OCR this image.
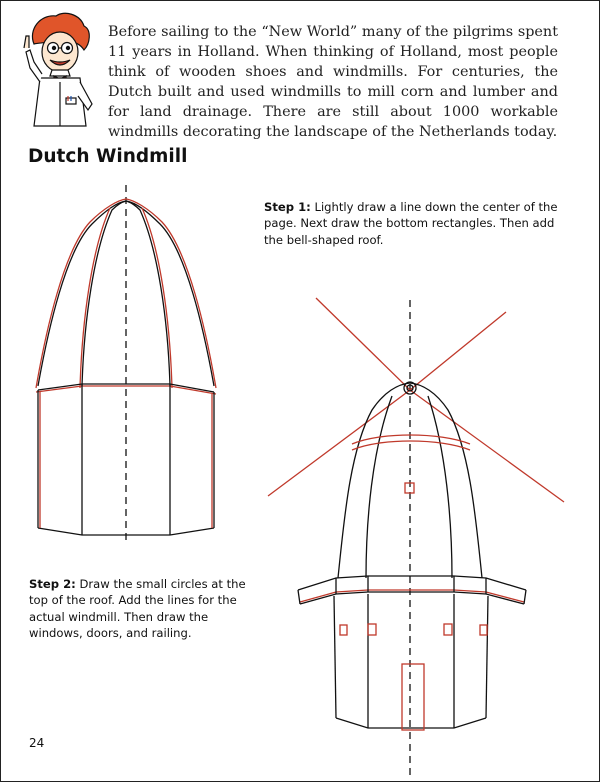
Before sailing to the “New World” many of the pilgrims spent 11 years in Holland. When thinking of Holland, most people think of wooden shoes and windmills. For centuries, the Dutch built and used windmills to mill corn and lumber and for land drainage. There are still about 1000 workable windmills decorating the landscape of the Netherlands today.

Dutch Windmill

Step 1: Lightly draw a line down the center of the page. Next draw the bottom rectangles. Then add the bell-shaped roof.

Step 2: Draw the small circles at the top of the roof. Add the lines for the actual windmill. Then draw the windows, doors, and railing.

24
